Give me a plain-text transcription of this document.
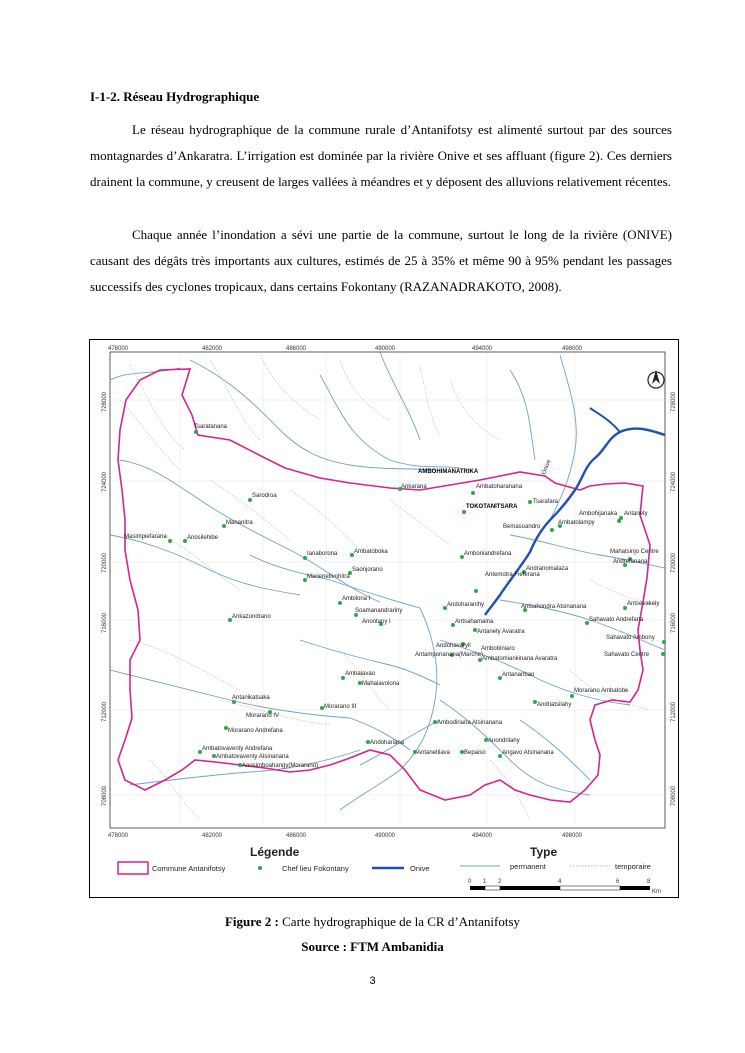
I-1-2. Réseau Hydrographique

Le réseau hydrographique de la commune rurale d’Antanifotsy est alimenté surtout par des sources montagnardes d’Ankaratra. L’irrigation est dominée par la rivière Onive et ses affluant (figure 2). Ces derniers drainent la commune, y creusent de larges vallées à méandres et y déposent des alluvions relativement récentes.

Chaque année l’inondation a sévi une partie de la commune, surtout le long de la rivière (ONIVE) causant des dégâts très importants aux cultures, estimés de 25 à 35% et même 90 à 95% pendant les passages successifs des cyclones tropicaux, dans certains Fokontany (RAZANADRAKOTO, 2008).

478000	482000	486000	490000	494000	498000
478000	482000	486000	490000	494000	498000
728000
724000
720000
716000
712000
708000
728000
724000
720000
716000
712000
708000
Onive
Tsaratanana
AMBOHIMANATRIKA
Ankarana	Ambatoharanana
TOKOTANITSARA
Tsarafara
Sarodroa
Mananitra
Masimpiefarana	Anosilehibe
Ambohijanaka Antanety
Bemasoandro
Ambatolampy
Ianaborona	Ambatoboka
Saonjorano
Manenetivohitra
Amboniandrefana	Mahatsinjo Centre
Andrefanana
Andranomalaza
Antemotra Fieferana
Ambilona I
Soamanandrariny
Anontany I
Andoharanihy
Ankazondrano
Antsahondra Atsinanana	Antsevakely
Sahavato Andrefana
Antsahamaina
Antanety Avaratra
Andohavaryll
Antamponanana(Marche)
Ambobiniaro
Ambatomiankinana Avaratra
Sahavato Ambony
Sahavato Centre
Ambalavao
Mahalavolona
Antananbao
Antanikatsaka
Morarano Ambatobe
Morarano IV
Morarano III	Andriatsilahy
Morarano Andrefana
Ambodiriana Atsinanana
Andohariana	Anondrilahy
Ambatovaventy Andrefana
Ambatovaventy Atsinanana
Anosimboahangy(Morarano)
Antanetilava Bepaiso	Angavo Atsinanana
Légende
Commune Antanifotsy	Chef lieu Fokontany	Onive
Type
permanent	temporaire
0 1 2	4	6	8
Km
Figure 2 : Carte hydrographique de la CR d’Antanifotsy
Source : FTM Ambanidia
3
